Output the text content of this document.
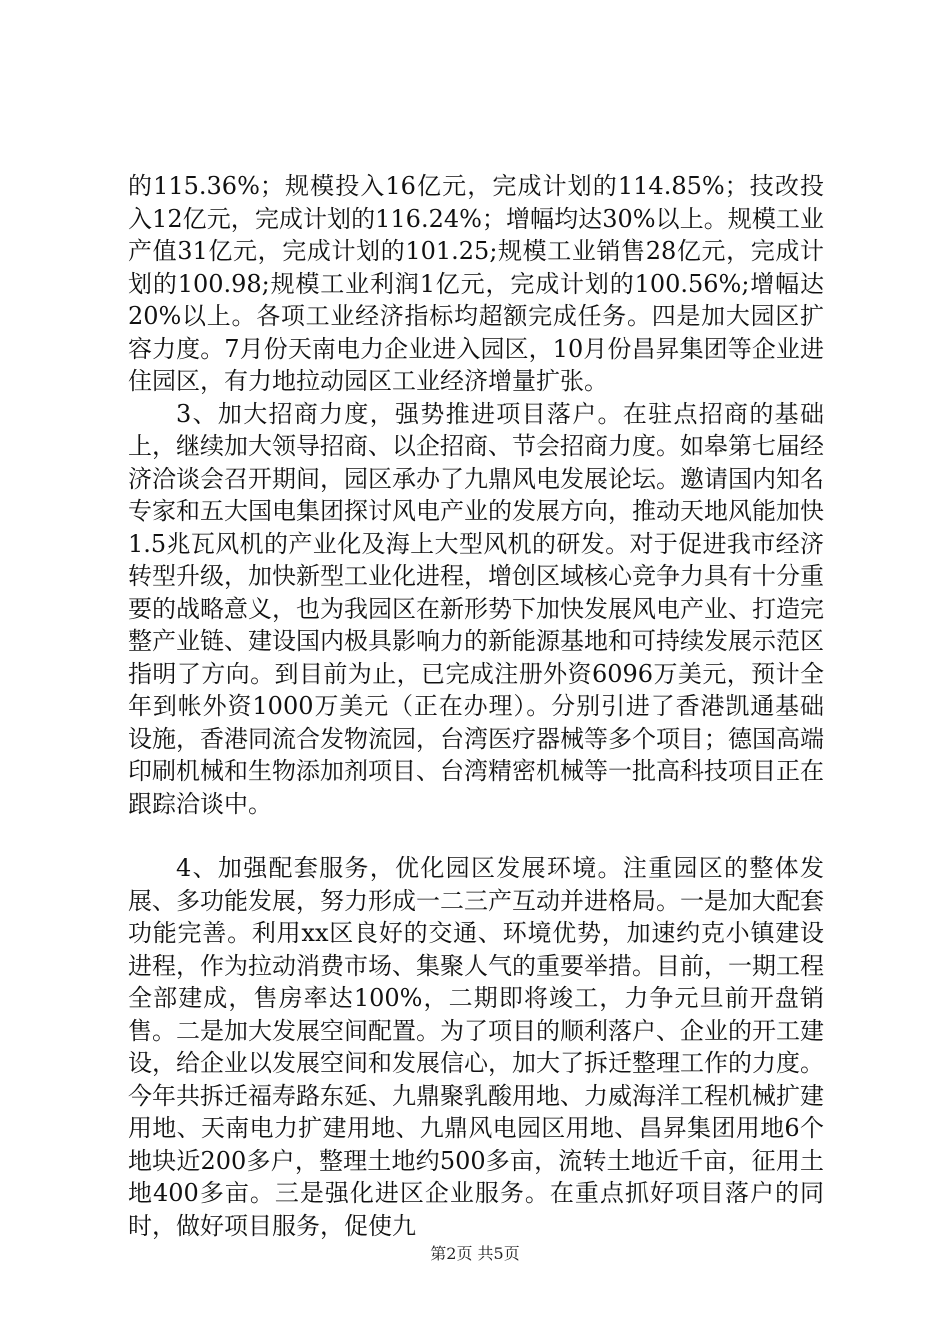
的115.36%；规模投入16亿元，完成计划的114.85%；技改投入12亿元，完成计划的116.24%；增幅均达30%以上。规模工业产值31亿元，完成计划的101.25;规模工业销售28亿元，完成计划的100.98;规模工业利润1亿元，完成计划的100.56%;增幅达20%以上。各项工业经济指标均超额完成任务。四是加大园区扩容力度。7月份天南电力企业进入园区，10月份昌昇集团等企业进住园区，有力地拉动园区工业经济增量扩张。

3、加大招商力度，强势推进项目落户。在驻点招商的基础上，继续加大领导招商、以企招商、节会招商力度。如皋第七届经济洽谈会召开期间，园区承办了九鼎风电发展论坛。邀请国内知名专家和五大国电集团探讨风电产业的发展方向，推动天地风能加快1.5兆瓦风机的产业化及海上大型风机的研发。对于促进我市经济转型升级，加快新型工业化进程，增创区域核心竞争力具有十分重要的战略意义，也为我园区在新形势下加快发展风电产业、打造完整产业链、建设国内极具影响力的新能源基地和可持续发展示范区指明了方向。到目前为止，已完成注册外资6096万美元，预计全年到帐外资1000万美元（正在办理）。分别引进了香港凯通基础设施，香港同流合发物流园，台湾医疗器械等多个项目；德国高端印刷机械和生物添加剂项目、台湾精密机械等一批高科技项目正在跟踪洽谈中。

4、加强配套服务，优化园区发展环境。注重园区的整体发展、多功能发展，努力形成一二三产互动并进格局。一是加大配套功能完善。利用xx区良好的交通、环境优势，加速约克小镇建设进程，作为拉动消费市场、集聚人气的重要举措。目前，一期工程全部建成，售房率达100%，二期即将竣工，力争元旦前开盘销售。二是加大发展空间配置。为了项目的顺利落户、企业的开工建设，给企业以发展空间和发展信心，加大了拆迁整理工作的力度。今年共拆迁福寿路东延、九鼎聚乳酸用地、力威海洋工程机械扩建用地、天南电力扩建用地、九鼎风电园区用地、昌昇集团用地6个地块近200多户，整理土地约500多亩，流转土地近千亩，征用土地400多亩。三是强化进区企业服务。在重点抓好项目落户的同时，做好项目服务，促使九

第2页 共5页
